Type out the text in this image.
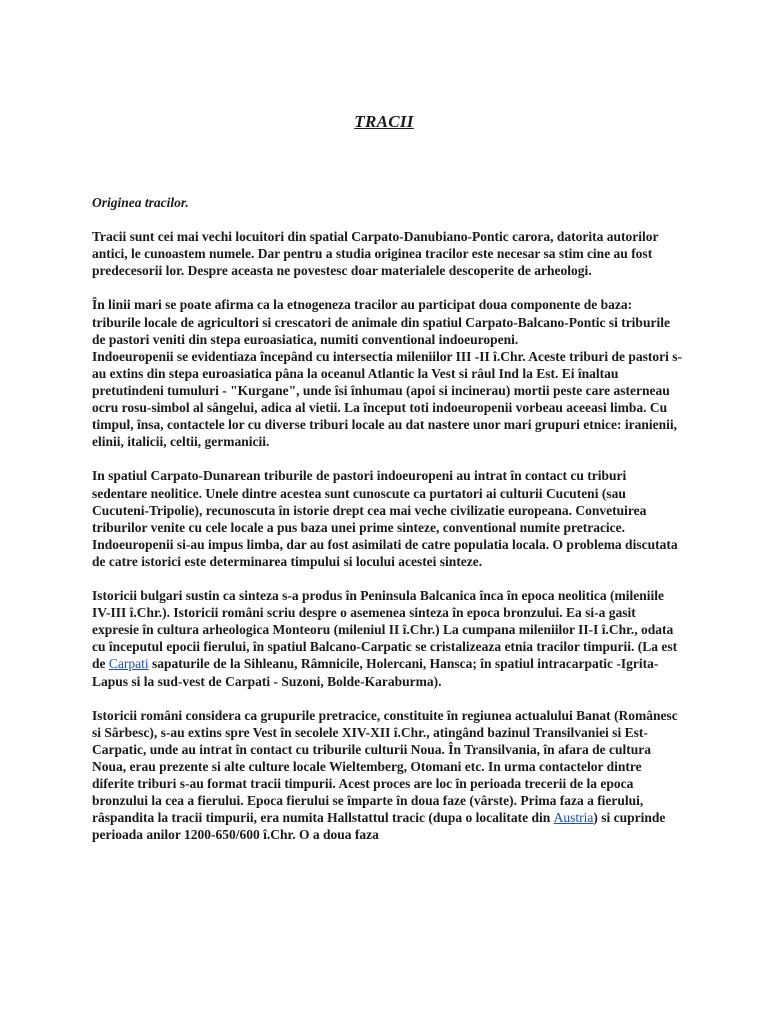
TRACII
Originea tracilor.

Tracii sunt cei mai vechi locuitori din spatial Carpato-Danubiano-Pontic carora, datorita autorilor antici, le cunoastem numele. Dar pentru a studia originea tracilor este necesar sa stim cine au fost predecesorii lor. Despre aceasta ne povestesc doar materialele descoperite de arheologi.

În linii mari se poate afirma ca la etnogeneza tracilor au participat doua componente de baza: triburile locale de agricultori si crescatori de animale din spatiul Carpato-Balcano-Pontic si triburile de pastori veniti din stepa euroasiatica, numiti conventional indoeuropeni.

Indoeuropenii se evidentiaza începând cu intersectia mileniilor III -II î.Chr. Aceste triburi de pastori s-au extins din stepa euroasiatica pâna la oceanul Atlantic la Vest si râul Ind la Est. Ei înaltau pretutindeni tumuluri - "Kurgane", unde îsi înhumau (apoi si incinerau) mortii peste care asterneau ocru rosu-simbol al sângelui, adica al vietii. La început toti indoeuropenii vorbeau aceeasi limba. Cu timpul, însa, contactele lor cu diverse triburi locale au dat nastere unor mari grupuri etnice: iranienii, elinii, italicii, celtii, germanicii.

In spatiul Carpato-Dunarean triburile de pastori indoeuropeni au intrat în contact cu triburi sedentare neolitice. Unele dintre acestea sunt cunoscute ca purtatori ai culturii Cucuteni (sau Cucuteni-Tripolie), recunoscuta în istorie drept cea mai veche civilizatie europeana. Convetuirea triburilor venite cu cele locale a pus baza unei prime sinteze, conventional numite pretracice. Indoeuropenii si-au impus limba, dar au fost asimilati de catre populatia locala. O problema discutata de catre istorici este determinarea timpului si locului acestei sinteze.

Istoricii bulgari sustin ca sinteza s-a produs în Peninsula Balcanica înca în epoca neolitica (mileniile IV-III î.Chr.). Istoricii români scriu despre o asemenea sinteza în epoca bronzului. Ea si-a gasit expresie în cultura arheologica Monteoru (mileniul II î.Chr.) La cumpana mileniilor II-I î.Chr., odata cu începutul epocii fierului, în spatiul Balcano-Carpatic se cristalizeaza etnia tracilor timpurii. (La est de Carpati sapaturile de la Sihleanu, Râmnicile, Holercani, Hansca; în spatiul intracarpatic -Igrita-Lapus si la sud-vest de Carpati - Suzoni, Bolde-Karaburma).

Istoricii români considera ca grupurile pretracice, constituite în regiunea actualului Banat (Românesc si Sârbesc), s-au extins spre Vest în secolele XIV-XII î.Chr., atingând bazinul Transilvaniei si Est-Carpatic, unde au intrat în contact cu triburile culturii Noua. În Transilvania, în afara de cultura Noua, erau prezente si alte culture locale Wieltemberg, Otomani etc. In urma contactelor dintre diferite triburi s-au format tracii timpurii. Acest proces are loc în perioada trecerii de la epoca bronzului la cea a fierului. Epoca fierului se împarte în doua faze (vârste). Prima faza a fierului, râspandita la tracii timpurii, era numita Hallstattul tracic (dupa o localitate din Austria) si cuprinde perioada anilor 1200-650/600 î.Chr. O a doua faza
